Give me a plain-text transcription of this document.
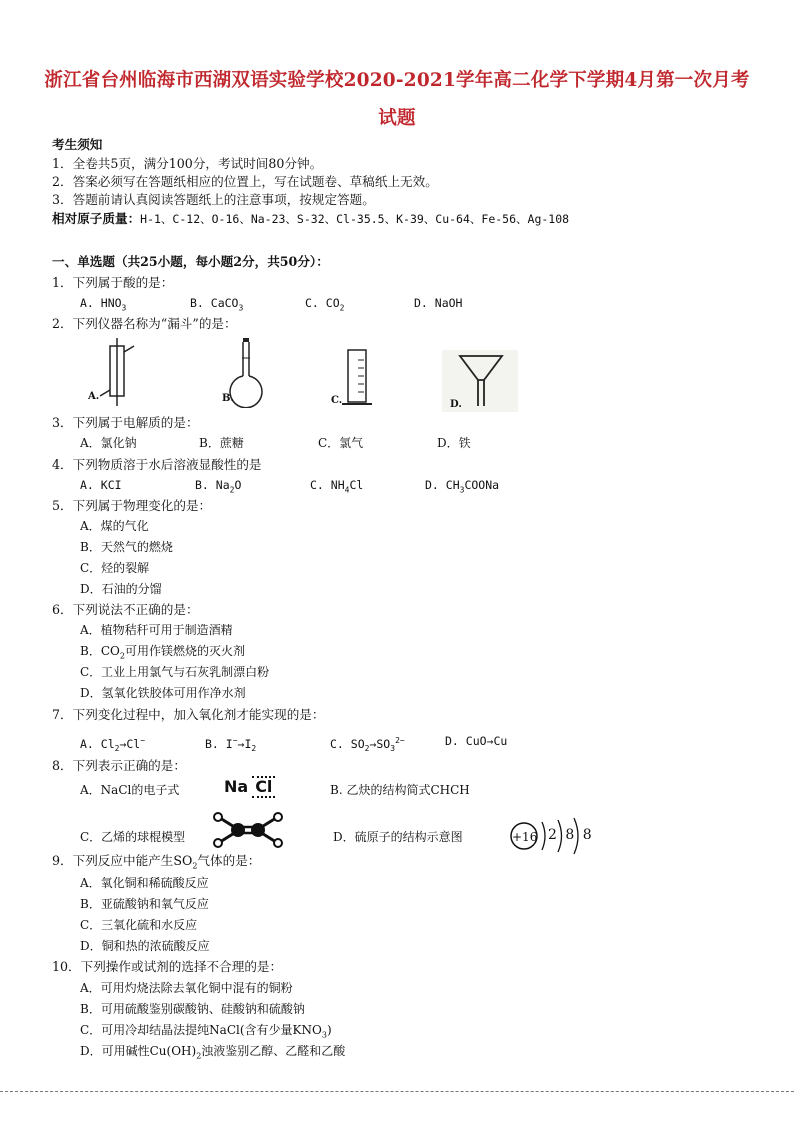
浙江省台州临海市西湖双语实验学校2020-2021学年高二化学下学期4月第一次月考
试题
考生须知
1．全卷共5页，满分100分，考试时间80分钟。
2．答案必须写在答题纸相应的位置上，写在试题卷、草稿纸上无效。
3．答题前请认真阅读答题纸上的注意事项，按规定答题。
相对原子质量：H-1、C-12、O-16、Na-23、S-32、Cl-35.5、K-39、Cu-64、Fe-56、Ag-108
一、单选题（共25小题，每小题2分，共50分）：
1．下列属于酸的是：
A. $HNO_3$	B. CaCO$_3$	C. $CO_2$	D. NaOH
2．下列仪器名称为“漏斗”的是：
A.	B.	C.	D.
3．下列属于电解质的是：
A．氯化钠	B．蔗糖	C．氯气	D．铁
4．下列物质溶于水后溶液显酸性的是
A. KCI	B. $Na_2O$	C. $NH_4Cl$	D. $CH_3COONa$
5．下列属于物理变化的是：
A．煤的气化
B．天然气的燃烧
C．烃的裂解
D．石油的分馏
6．下列说法不正确的是：
A．植物秸秆可用于制造酒精
B．$CO_2$可用作镁燃烧的灭火剂
C．工业上用氯气与石灰乳制漂白粉
D．氢氧化铁胶体可用作净水剂
7．下列变化过程中，加入氧化剂才能实现的是：
A. $Cl_2\to Cl^-$	B. $I^-\to I_2$	C. $SO_2\to SO_3^{2-}$	D. CuO→Cu
8．下列表示正确的是：
A．NaCl的电子式	Na Cl	B. 乙炔的结构简式CHCH
C．乙烯的球棍模型	D．硫原子的结构示意图	+16 2 8 8
9．下列反应中能产生$SO_2$气体的是：
A．氧化铜和稀硫酸反应
B．亚硫酸钠和氧气反应
C．三氧化硫和水反应
D．铜和热的浓硫酸反应
10．下列操作或试剂的选择不合理的是：
A．可用灼烧法除去氧化铜中混有的铜粉
B．可用硫酸鉴别碳酸钠、硅酸钠和硫酸钠
C．可用冷却结晶法提纯NaCl(含有少量$KNO_3$)
D．可用碱性$Cu(OH)_2$浊液鉴别乙醇、乙醛和乙酸
